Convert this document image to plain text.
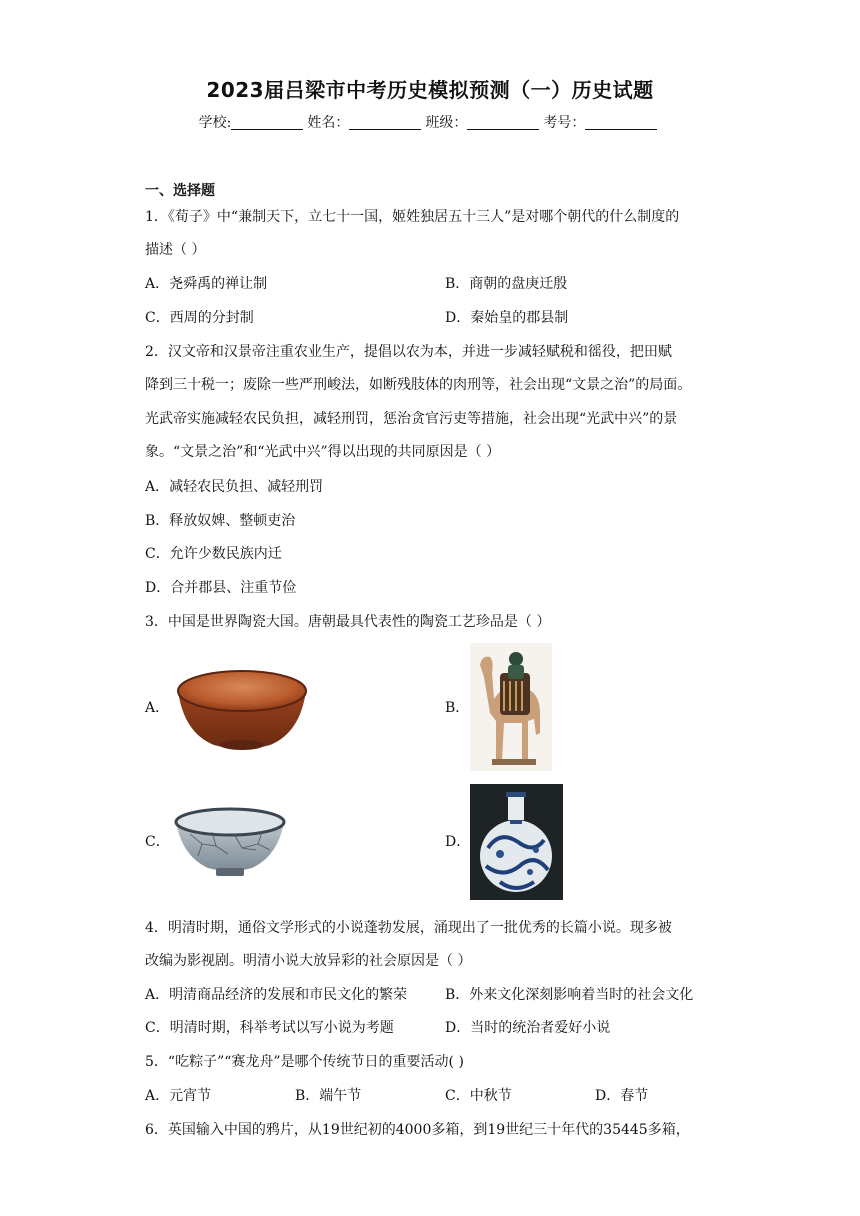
2023届吕梁市中考历史模拟预测（一）历史试题
学校:	姓名：	班级：	考号：
一、选择题
1．《荀子》中“兼制天下，立七十一国，姬姓独居五十三人”是对哪个朝代的什么制度的
描述（ ）
A．尧舜禹的禅让制	B．商朝的盘庚迁殷
C．西周的分封制	D．秦始皇的郡县制
2．汉文帝和汉景帝注重农业生产，提倡以农为本，并进一步减轻赋税和徭役，把田赋
降到三十税一；废除一些严刑峻法，如断残肢体的肉刑等，社会出现“文景之治”的局面。
光武帝实施减轻农民负担，减轻刑罚，惩治贪官污吏等措施，社会出现“光武中兴”的景
象。“文景之治”和“光武中兴”得以出现的共同原因是（ ）
A．减轻农民负担、减轻刑罚
B．释放奴婢、整顿吏治
C．允许少数民族内迁
D．合并郡县、注重节俭
3．中国是世界陶瓷大国。唐朝最具代表性的陶瓷工艺珍品是（ ）
A．	B．
C．	D．
4．明清时期，通俗文学形式的小说蓬勃发展，涌现出了一批优秀的长篇小说。现多被
改编为影视剧。明清小说大放异彩的社会原因是（ ）
A．明清商品经济的发展和市民文化的繁荣	B．外来文化深刻影响着当时的社会文化
C．明清时期，科举考试以写小说为考题	D．当时的统治者爱好小说
5．“吃粽子”“赛龙舟”是哪个传统节日的重要活动( )
A．元宵节	B．端午节	C．中秋节	D．春节
6．英国输入中国的鸦片，从19世纪初的4000多箱，到19世纪三十年代的35445多箱，
